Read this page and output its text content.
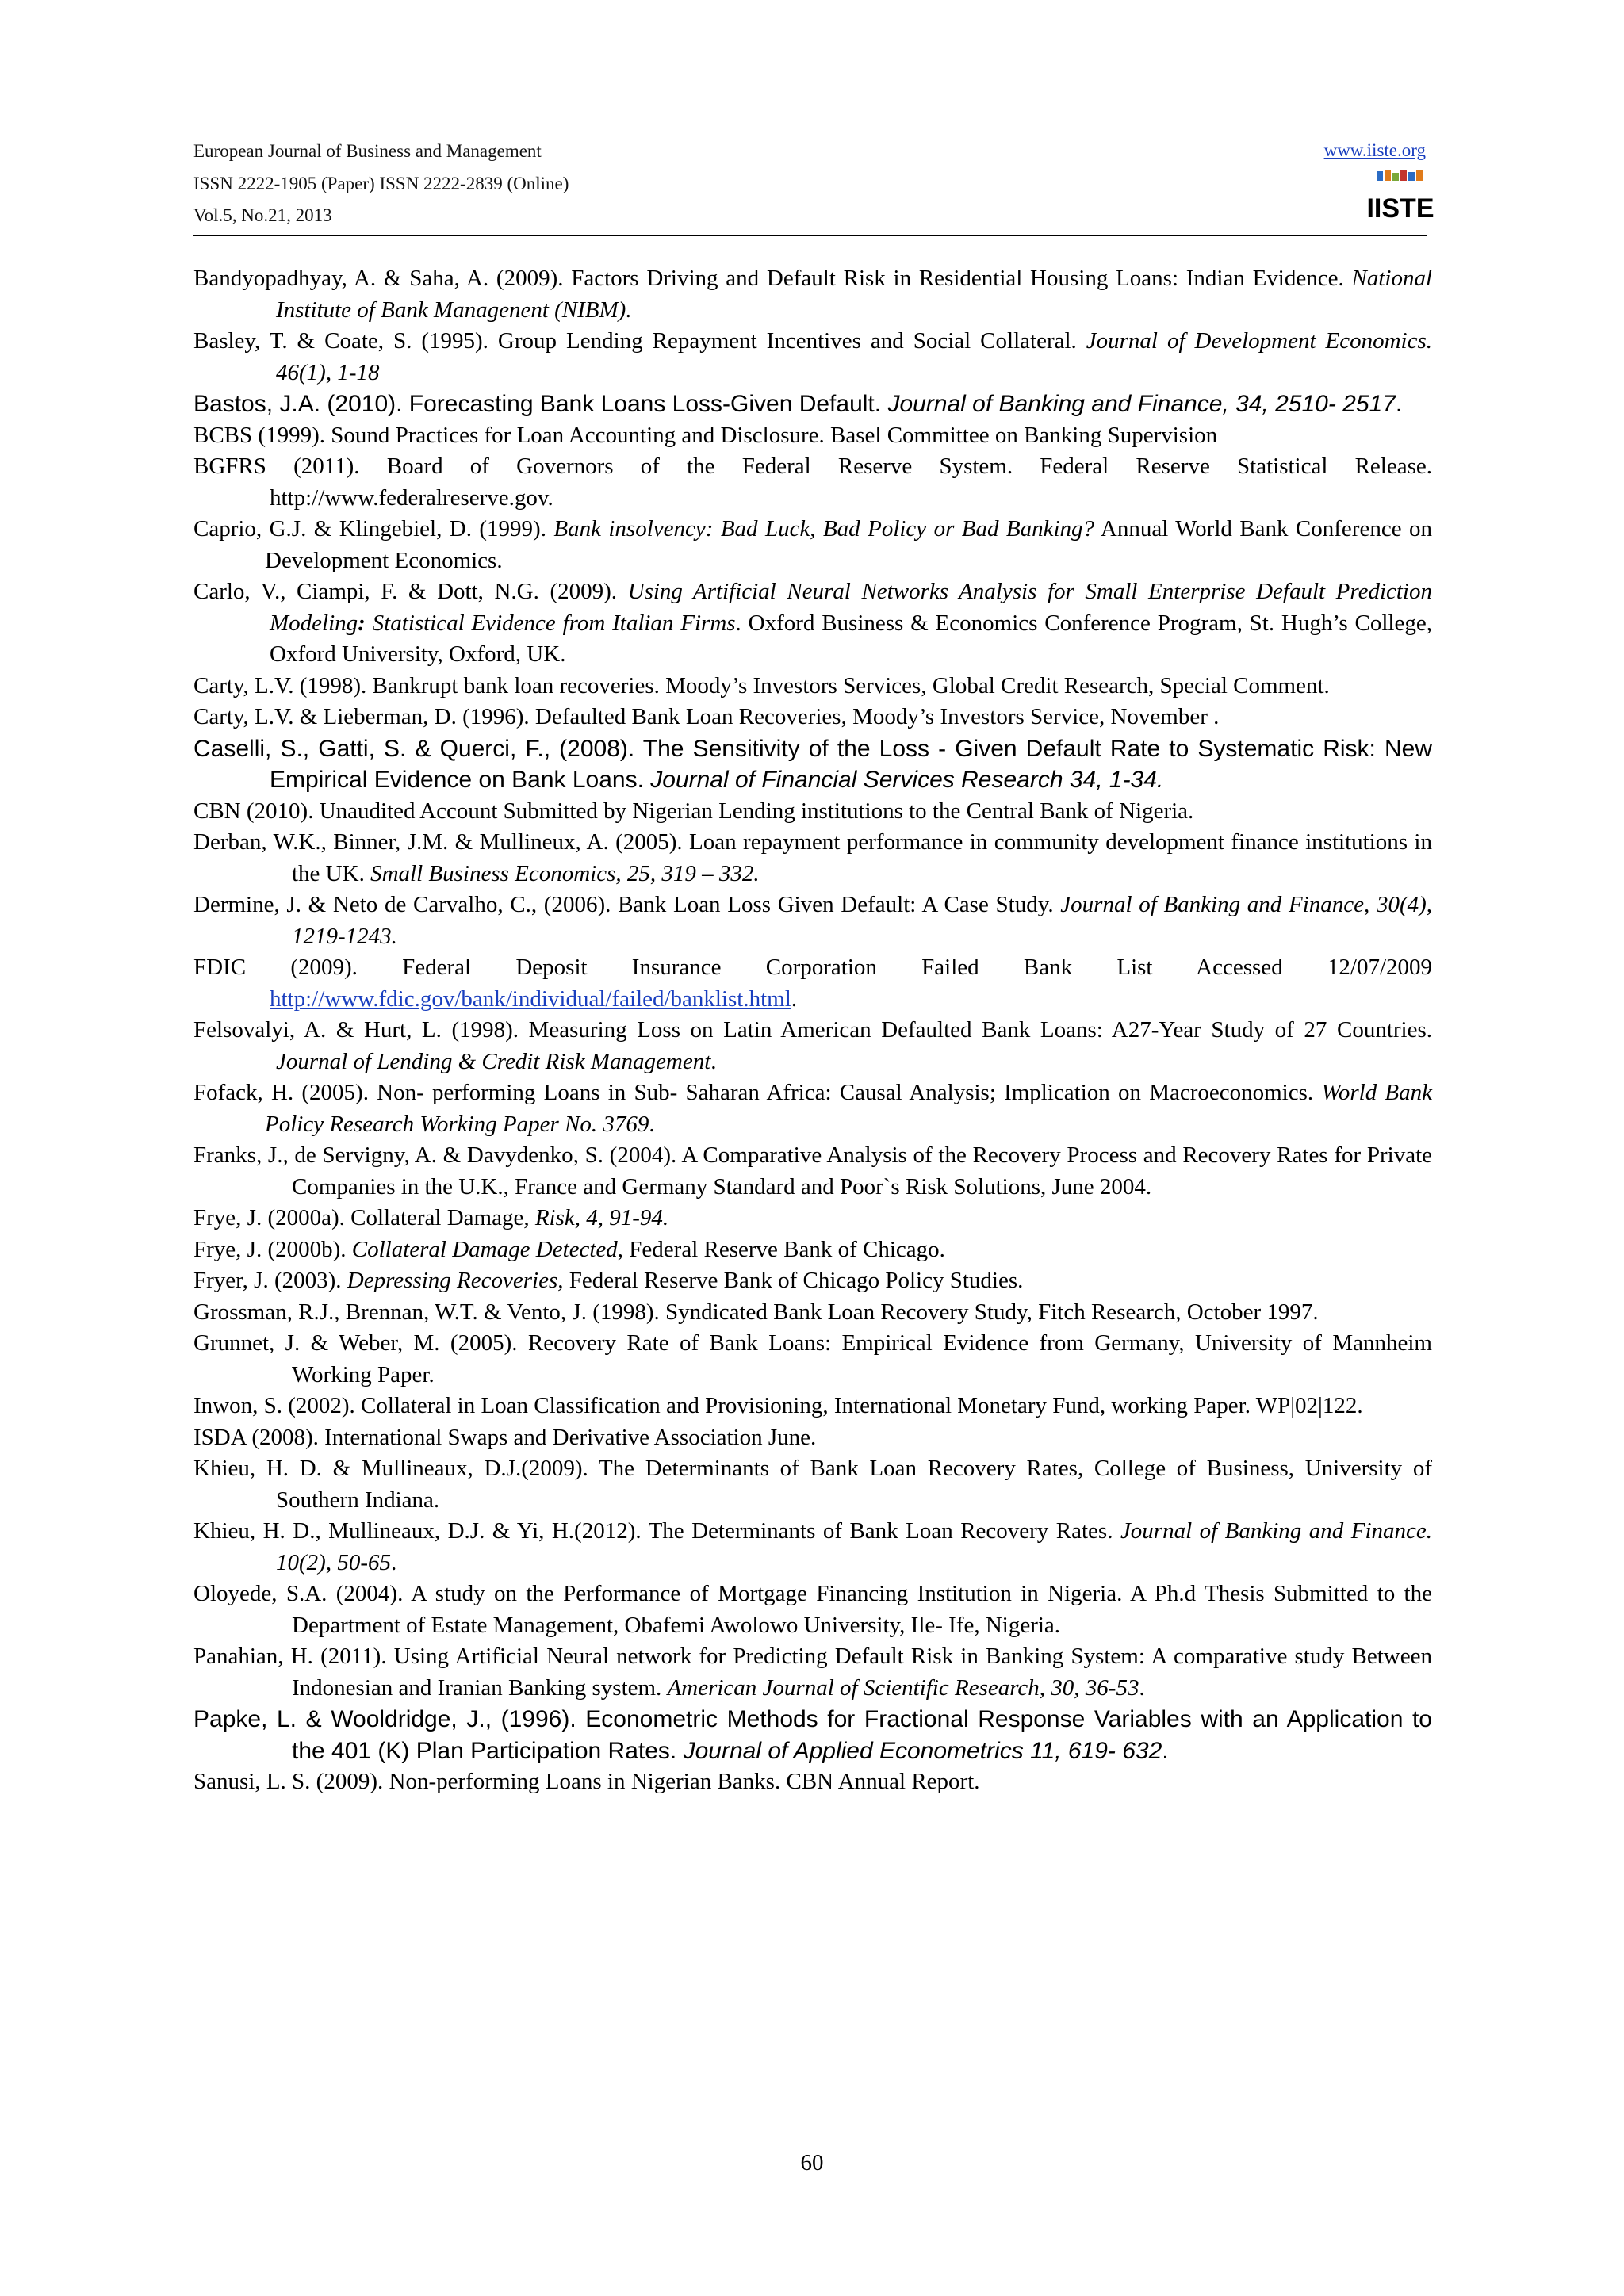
European Journal of Business and Management
ISSN 2222-1905 (Paper) ISSN 2222-2839 (Online)
Vol.5, No.21, 2013
www.iiste.org
IISTE

Bandyopadhyay, A. & Saha, A. (2009). Factors Driving and Default Risk in Residential Housing Loans: Indian Evidence. National Institute of Bank Managenent (NIBM).

Basley, T. & Coate, S. (1995). Group Lending Repayment Incentives and Social Collateral. Journal of Development Economics. 46(1), 1-18

Bastos, J.A. (2010). Forecasting Bank Loans Loss-Given Default. Journal of Banking and Finance, 34, 2510- 2517.

BCBS (1999). Sound Practices for Loan Accounting and Disclosure. Basel Committee on Banking Supervision

BGFRS (2011). Board of Governors of the Federal Reserve System. Federal Reserve Statistical Release. http://www.federalreserve.gov.

Caprio, G.J. & Klingebiel, D. (1999). Bank insolvency: Bad Luck, Bad Policy or Bad Banking? Annual World Bank Conference on Development Economics.

Carlo, V., Ciampi, F. & Dott, N.G. (2009). Using Artificial Neural Networks Analysis for Small Enterprise Default Prediction Modeling: Statistical Evidence from Italian Firms. Oxford Business & Economics Conference Program, St. Hugh’s College, Oxford University, Oxford, UK.

Carty, L.V. (1998). Bankrupt bank loan recoveries. Moody’s Investors Services, Global Credit Research, Special Comment.

Carty, L.V. & Lieberman, D. (1996). Defaulted Bank Loan Recoveries, Moody’s Investors Service, November .

Caselli, S., Gatti, S. & Querci, F., (2008). The Sensitivity of the Loss - Given Default Rate to Systematic Risk: New Empirical Evidence on Bank Loans. Journal of Financial Services Research 34, 1-34.

CBN (2010). Unaudited Account Submitted by Nigerian Lending institutions to the Central Bank of Nigeria.

Derban, W.K., Binner, J.M. & Mullineux, A. (2005). Loan repayment performance in community development finance institutions in the UK. Small Business Economics, 25, 319 – 332.

Dermine, J. & Neto de Carvalho, C., (2006). Bank Loan Loss Given Default: A Case Study. Journal of Banking and Finance, 30(4), 1219-1243.

FDIC (2009). Federal Deposit Insurance Corporation Failed Bank List Accessed 12/07/2009 http://www.fdic.gov/bank/individual/failed/banklist.html.

Felsovalyi, A. & Hurt, L. (1998). Measuring Loss on Latin American Defaulted Bank Loans: A27-Year Study of 27 Countries. Journal of Lending & Credit Risk Management.

Fofack, H. (2005). Non- performing Loans in Sub- Saharan Africa: Causal Analysis; Implication on Macroeconomics. World Bank Policy Research Working Paper No. 3769.

Franks, J., de Servigny, A. & Davydenko, S. (2004). A Comparative Analysis of the Recovery Process and Recovery Rates for Private Companies in the U.K., France and Germany Standard and Poor`s Risk Solutions, June 2004.

Frye, J. (2000a). Collateral Damage, Risk, 4, 91-94.

Frye, J. (2000b). Collateral Damage Detected, Federal Reserve Bank of Chicago.

Fryer, J. (2003). Depressing Recoveries, Federal Reserve Bank of Chicago Policy Studies.

Grossman, R.J., Brennan, W.T. & Vento, J. (1998). Syndicated Bank Loan Recovery Study, Fitch Research, October 1997.

Grunnet, J. & Weber, M. (2005). Recovery Rate of Bank Loans: Empirical Evidence from Germany, University of Mannheim Working Paper.

Inwon, S. (2002). Collateral in Loan Classification and Provisioning, International Monetary Fund, working Paper. WP|02|122.

ISDA (2008). International Swaps and Derivative Association June.

Khieu, H. D. & Mullineaux, D.J.(2009). The Determinants of Bank Loan Recovery Rates, College of Business, University of Southern Indiana.

Khieu, H. D., Mullineaux, D.J. & Yi, H.(2012). The Determinants of Bank Loan Recovery Rates. Journal of Banking and Finance. 10(2), 50-65.

Oloyede, S.A. (2004). A study on the Performance of Mortgage Financing Institution in Nigeria. A Ph.d Thesis Submitted to the Department of Estate Management, Obafemi Awolowo University, Ile- Ife, Nigeria.

Panahian, H. (2011). Using Artificial Neural network for Predicting Default Risk in Banking System: A comparative study Between Indonesian and Iranian Banking system. American Journal of Scientific Research, 30, 36-53.

Papke, L. & Wooldridge, J., (1996). Econometric Methods for Fractional Response Variables with an Application to the 401 (K) Plan Participation Rates. Journal of Applied Econometrics 11, 619- 632.

Sanusi, L. S. (2009). Non-performing Loans in Nigerian Banks. CBN Annual Report.

60
